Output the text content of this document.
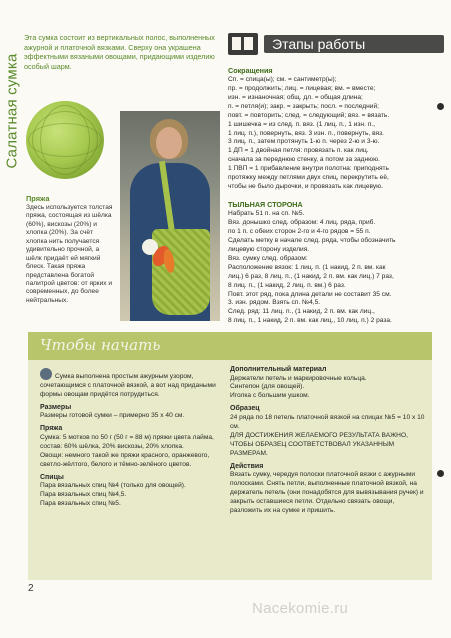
Салатная сумка
Эта сумка состоит из вертикальных полос, выполненных ажурной и платочной вязками. Сверху она украшена эффектными вязаными овощами, придающими изделию особый шарм.
Пряжа
Здесь используется толстая пряжа, состоящая из шёлка (60%), вискозы (20%) и хлопка (20%). За счёт хлопка нить получается удивительно прочной, а шёлк придаёт ей мягкий блеск. Такая пряжа представлена богатой палитрой цветов: от ярких и современных, до более нейтральных.
Этапы работы
Сокращения

Сп. = спица(ы); см. = сантиметр(ы);

пр. = продолжить; лиц. = лицевая; вм. = вместе;

изн. = изнаночная; общ. дл. = общая длина;

п. = петля(и); закр. = закрыть; посл. = последний;

повт. = повторить; след. = следующий; вяз. = вязать.

1 шишечка = из след. п. вяз. (1 лиц. п., 1 изн. п.,

1 лиц. п.), повернуть, вяз. 3 изн. п., повернуть, вяз.

3 лиц. п., затем протянуть 1-ю п. через 2-ю и 3-ю.

1 ДП = 1 двойная петля: провязать п. как лиц.

сначала за переднюю стенку, а потом за заднюю.

1 ПВП = 1 прибавление внутри полотна: приподнять

протяжку между петлями двух спиц, перекрутить её,

чтобы не было дырочки, и провязать как лицевую.

ТЫЛЬНАЯ СТОРОНА

Набрать 51 п. на сп. №5.

Вяз. донышко след. образом: 4 лиц. ряда, приб.

по 1 п. с обеих сторон 2-го и 4-го рядов = 55 п.

Сделать метку в начале след. ряда, чтобы обозначить

лицевую сторону изделия.

Вяз. сумку след. образом:

Расположение вязок: 1 лиц. п. (1 накид, 2 п. вм. как

лиц.) 6 раз, 8 лиц. п., (1 накид, 2 п. вм. как лиц.) 7 раз,

8 лиц. п., (1 накид, 2 лиц. п. вм.) 6 раз.

Повт. этот ряд, пока длина детали не составит 35 см.

3. изн. рядом. Взять сп. №4,5.

След. ряд: 11 лиц. п., (1 накид, 2 п. вм. как лиц.,

8 лиц. п., 1 накид, 2 п. вм. как лиц., 10 лиц. п.) 2 раза.

Чтобы начать

Сумка выполнена простым ажурным узором, сочетающимся с платочной вязкой, а вот над придаными формы овощам придётся потрудиться.

Размеры

Размеры готовой сумки – примерно 35 х 40 см.

Пряжа

Сумка: 5 мотков по 50 г (50 г = 88 м) пряжи цвета лайма, состав: 60% шёлка, 20% вискозы, 20% хлопка.

Овощи: немного такой же пряжи красного, оранжевого, светло-жёлтого, белого и тёмно-зелёного цветов.

Спицы

Пара вязальных спиц №4 (только для овощей).

Пара вязальных спиц №4,5.

Пара вязальных спиц №5.

Дополнительный материал

Держатели петель и маркировочные кольца.

Синтепон (для овощей).

Иголка с большим ушком.

Образец

24 ряда по 18 петель платочной вязкой на спицах №5 = 10 х 10 см.

ДЛЯ ДОСТИЖЕНИЯ ЖЕЛАЕМОГО РЕЗУЛЬТАТА ВАЖНО, ЧТОБЫ ОБРАЗЕЦ СООТВЕТСТВОВАЛ УКАЗАННЫМ РАЗМЕРАМ.

Действия

Вязать сумку, чередуя полоски платочной вязки с ажурными полосками. Снять петли, выполненные платочной вязкой, на держатель петель (они понадобятся для вывязывания ручек) и закрыть оставшиеся петли. Отдельно связать овощи, разложить их на сумке и пришить.

2
Nacekomie.ru
